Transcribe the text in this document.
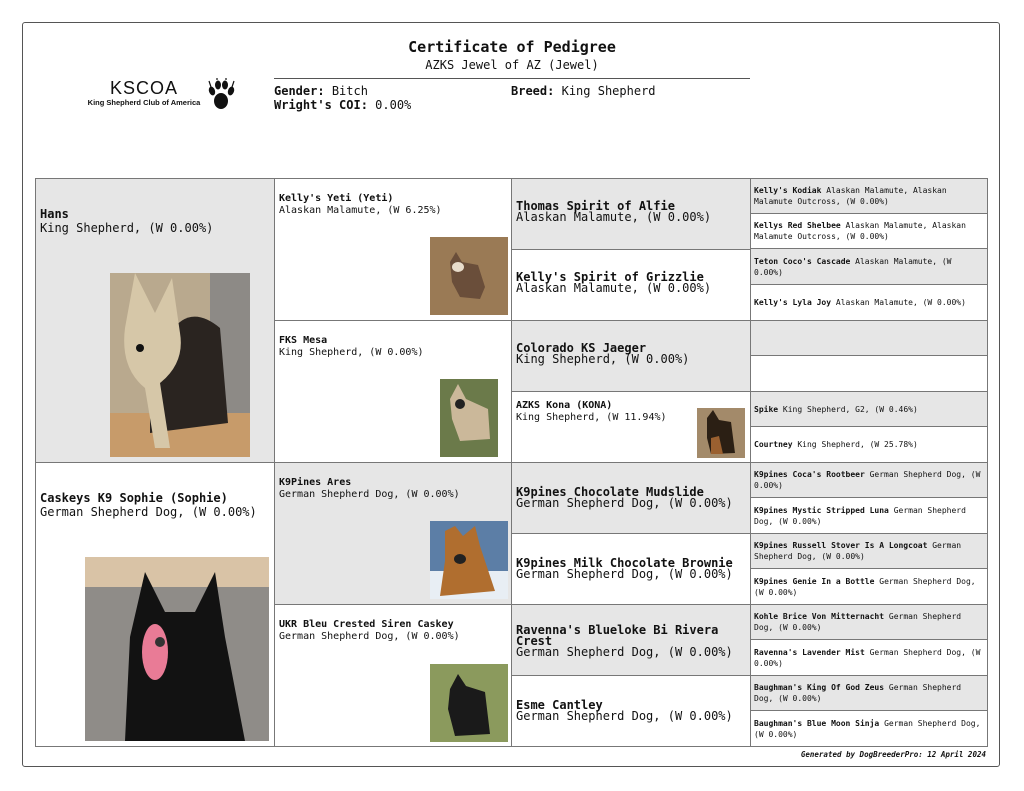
KSCOA
King Shepherd Club of America
Certificate of Pedigree
AZKS Jewel of AZ (Jewel)
Gender: Bitch	Breed: King Shepherd
Wright's COI: 0.00%
Hans
King Shepherd, (W 0.00%)
Caskeys K9 Sophie (Sophie)
German Shepherd Dog, (W 0.00%)
Kelly's Yeti (Yeti)
Alaskan Malamute, (W 6.25%)
FKS Mesa
King Shepherd, (W 0.00%)
K9Pines Ares
German Shepherd Dog, (W 0.00%)
UKR Bleu Crested Siren Caskey
German Shepherd Dog, (W 0.00%)
Thomas Spirit of Alfie
Alaskan Malamute, (W 0.00%)
Kelly's Spirit of Grizzlie
Alaskan Malamute, (W 0.00%)
Colorado KS Jaeger
King Shepherd, (W 0.00%)
AZKS Kona (KONA)
King Shepherd, (W 11.94%)
K9pines Chocolate Mudslide
German Shepherd Dog, (W 0.00%)
K9pines Milk Chocolate Brownie
German Shepherd Dog, (W 0.00%)
Ravenna's Blueloke Bi Rivera Crest
German Shepherd Dog, (W 0.00%)
Esme Cantley
German Shepherd Dog, (W 0.00%)
Kelly's Kodiak Alaskan Malamute, Alaskan Malamute Outcross, (W 0.00%)
Kellys Red Shelbee Alaskan Malamute, Alaskan Malamute Outcross, (W 0.00%)
Teton Coco's Cascade Alaskan Malamute, (W 0.00%)
Kelly's Lyla Joy Alaskan Malamute, (W 0.00%)
Spike King Shepherd, G2, (W 0.46%)
Courtney King Shepherd, (W 25.78%)
K9pines Coca's Rootbeer German Shepherd Dog, (W 0.00%)
K9pines Mystic Stripped Luna German Shepherd Dog, (W 0.00%)
K9pines Russell Stover Is A Longcoat German Shepherd Dog, (W 0.00%)
K9pines Genie In a Bottle German Shepherd Dog, (W 0.00%)
Kohle Brice Von Mitternacht German Shepherd Dog, (W 0.00%)
Ravenna's Lavender Mist German Shepherd Dog, (W 0.00%)
Baughman's King Of God Zeus German Shepherd Dog, (W 0.00%)
Baughman's Blue Moon Sinja German Shepherd Dog, (W 0.00%)
Generated by DogBreederPro: 12 April 2024
